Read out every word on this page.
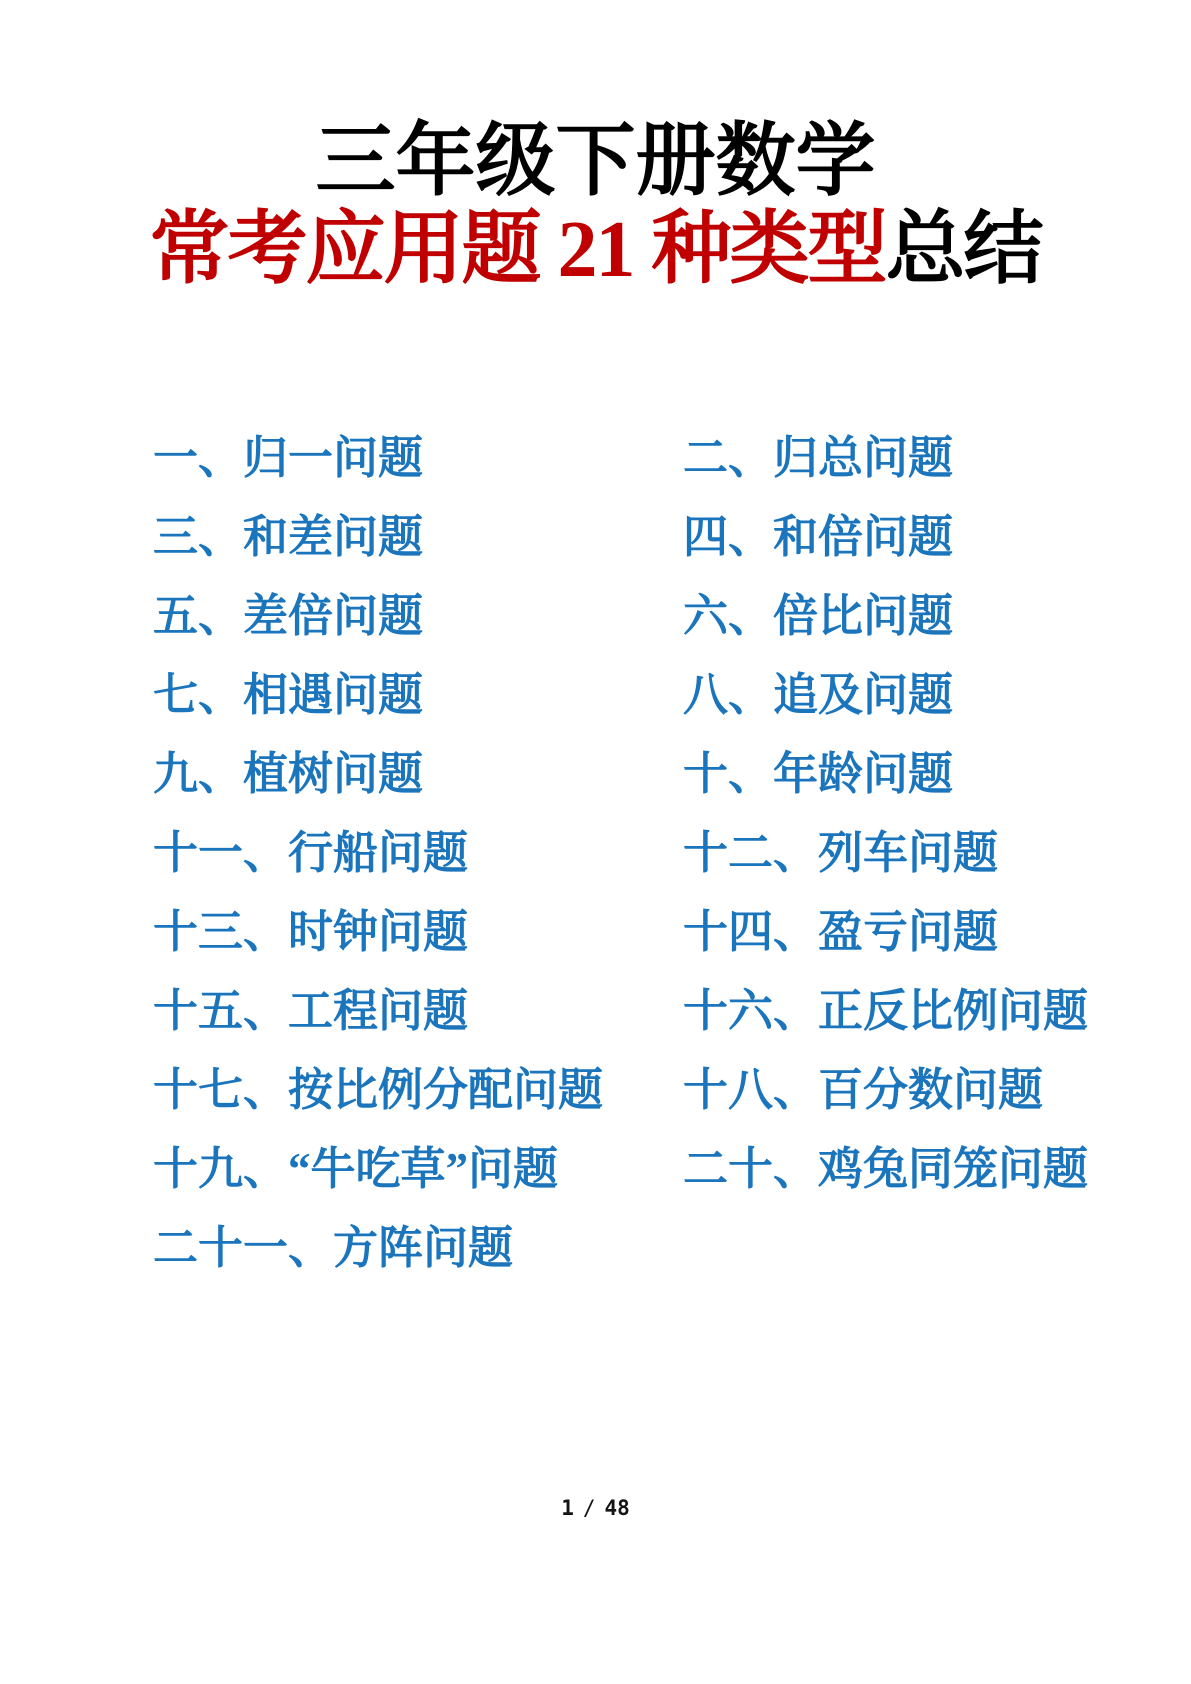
三年级下册数学
常考应用题 21 种类型总结
一、归一问题	二、归总问题
三、和差问题	四、和倍问题
五、差倍问题	六、倍比问题
七、相遇问题	八、追及问题
九、植树问题	十、年龄问题
十一、行船问题	十二、列车问题
十三、时钟问题	十四、盈亏问题
十五、工程问题	十六、正反比例问题
十七、按比例分配问题	十八、百分数问题
十九、“牛吃草”问题	二十、鸡兔同笼问题
二十一、方阵问题
1 / 48
